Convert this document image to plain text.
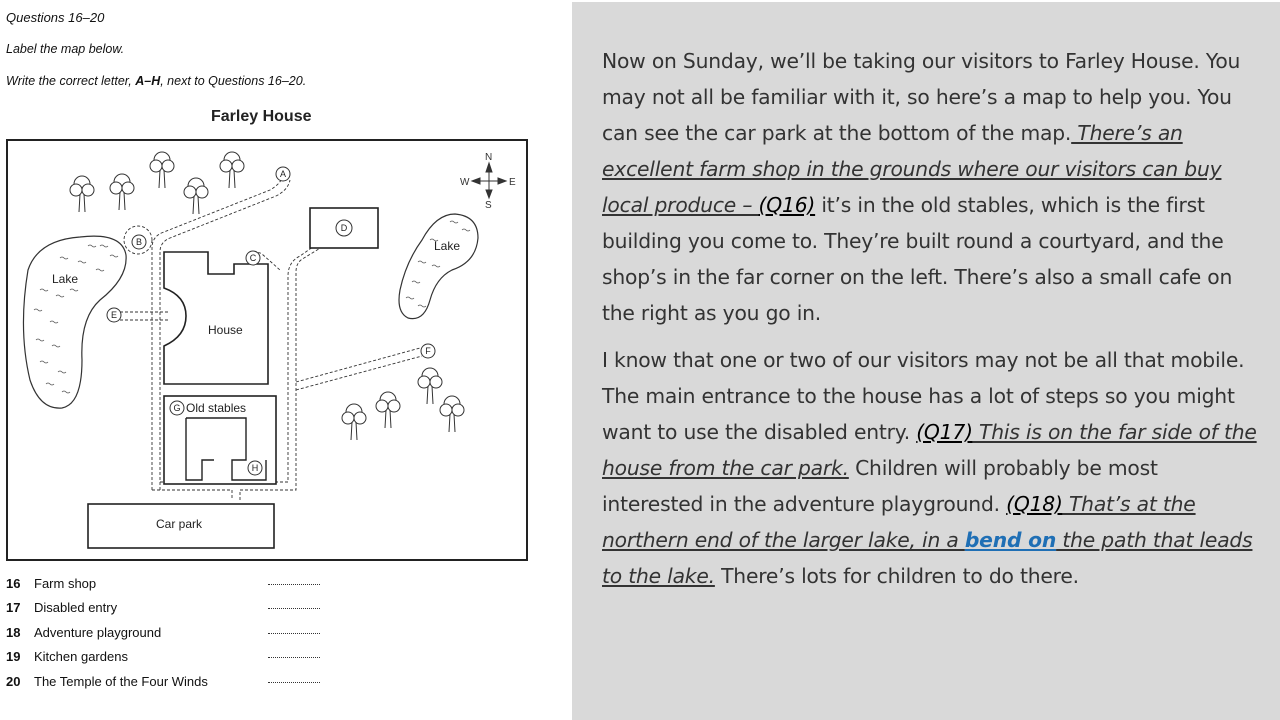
Questions 16–20
Label the map below.
Write the correct letter, A–H, next to Questions 16–20.
Farley House
Lake
Lake
N
E
W
S
House
Old stables
Car park
A
B
C
D
E
F
G
H
16 Farm shop
17 Disabled entry
18 Adventure playground
19 Kitchen gardens
20 The Temple of the Four Winds
Now on Sunday, we’ll be taking our visitors to Farley House. You may not all be familiar with it, so here’s a map to help you. You can see the car park at the bottom of the map. There’s an excellent farm shop in the grounds where our visitors can buy local produce – (Q16) it’s in the old stables, which is the first building you come to. They’re built round a courtyard, and the shop’s in the far corner on the left. There’s also a small cafe on the right as you go in.
I know that one or two of our visitors may not be all that mobile. The main entrance to the house has a lot of steps so you might want to use the disabled entry. (Q17) This is on the far side of the house from the car park. Children will probably be most interested in the adventure playground. (Q18) That’s at the northern end of the larger lake, in a bend on the path that leads to the lake. There’s lots for children to do there.
